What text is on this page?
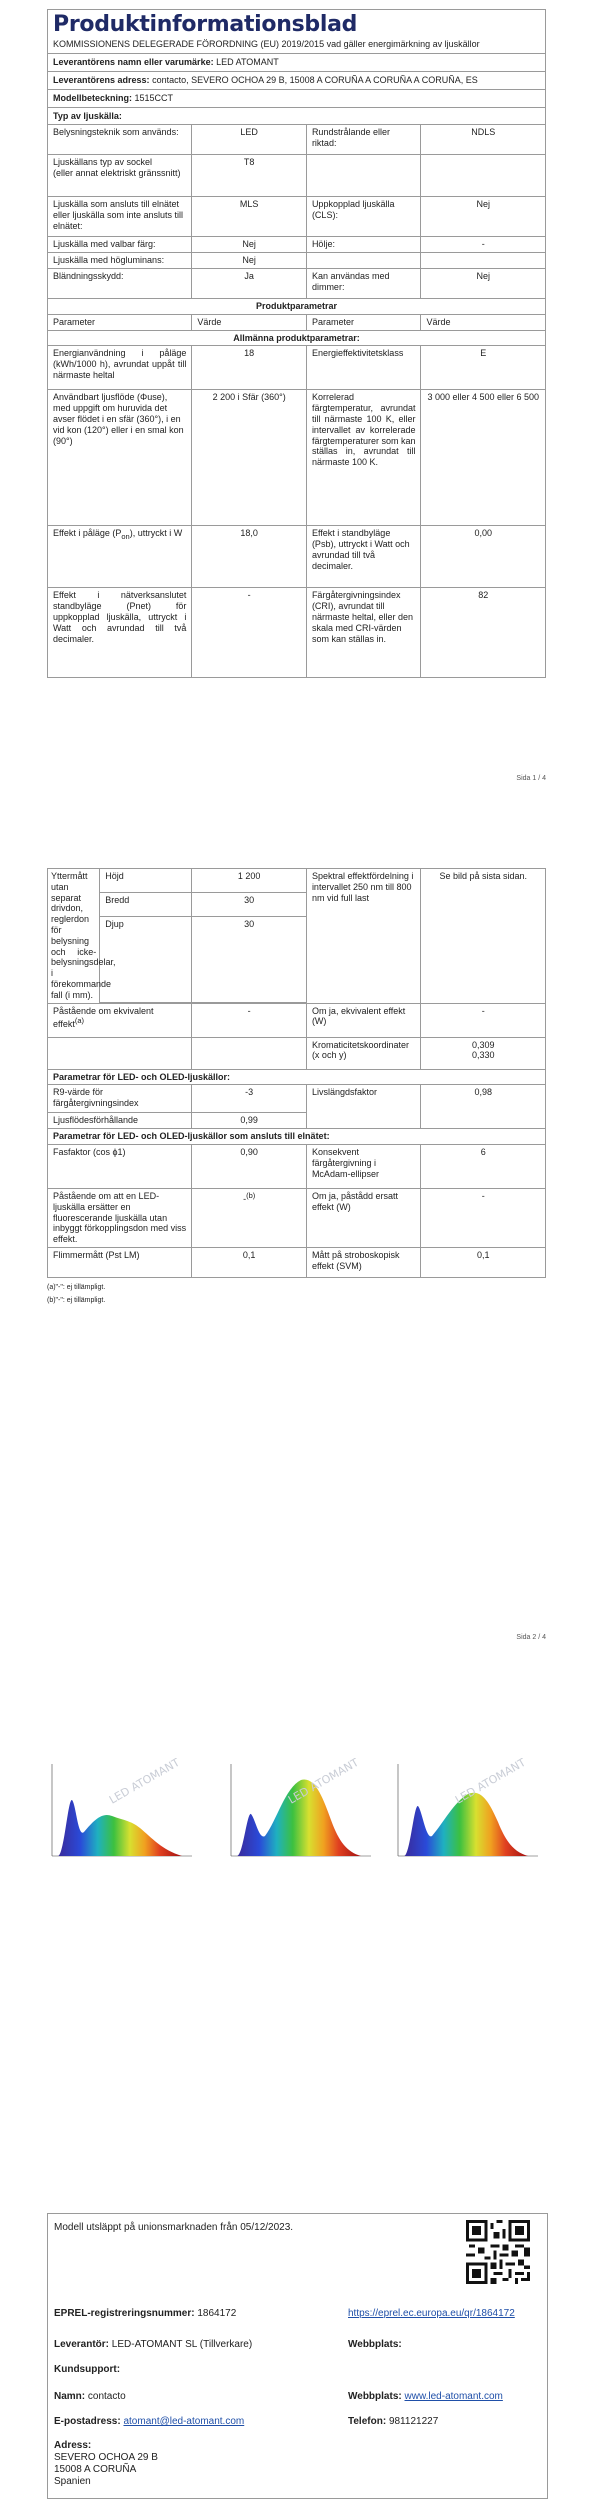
Produktinformationsblad
KOMMISSIONENS DELEGERADE FÖRORDNING (EU) 2019/2015 vad gäller energimärkning av ljuskällor
Leverantörens namn eller varumärke: LED ATOMANT
Leverantörens adress: contacto, SEVERO OCHOA 29 B, 15008 A CORUÑA A CORUÑA A CORUÑA, ES
Modellbeteckning: 1515CCT
Typ av ljuskälla:
Belysningsteknik som används:	LED	Rundstrålande eller riktad:	NDLS

Ljuskällans typ av sockel
(eller annat elektriskt gränssnitt)	T8		
Ljuskälla som ansluts till elnätet eller ljuskälla som inte ansluts till elnätet:	MLS	Uppkopplad ljuskälla (CLS):	Nej
Ljuskälla med valbar färg:	Nej	Hölje:	-
Ljuskälla med högluminans:	Nej		
Bländningsskydd:	Ja	Kan användas med dimmer:	Nej
Produktparametrar			
Parameter	Värde	Parameter	Värde
Allmänna produktparametrar:			
Energianvändning i påläge (kWh/1000 h), avrundat uppåt till närmaste heltal	18	Energieffektivitetsklass	E
Användbart ljusflöde (Φuse), med uppgift om huruvida det avser flödet i en sfär (360°), i en vid kon (120°) eller i en smal kon (90°)	2 200 i Sfär (360°)	Korrelerad färgtemperatur, avrundat till närmaste 100 K, eller intervallet av korrelerade färgtemperaturer som kan ställas in, avrundat till närmaste 100 K.	3 000 eller 4 500 eller 6 500
Effekt i påläge $(P_{on})$, uttryckt i W	18,0	Effekt i standbyläge (Psb), uttryckt i Watt och avrundad till två decimaler.	0,00
Effekt i nätverksanslutet standbyläge (Pnet) för uppkopplad ljuskälla, uttryckt i Watt och avrundad till två decimaler.	-	Färgåtergivningsindex (CRI), avrundat till närmaste heltal, eller den skala med CRI-värden som kan ställas in.	82
Sida 1 / 4
Yttermått utan separat drivdon, reglerdon för belysning och icke-belysningsdelar, i förekommande fall (i mm).	Höjd	1 200	Spektral effektfördelning i intervallet 250 nm till 800 nm vid full last	Se bild på sista sidan.
	Bredd	30		
	Djup	30		

Påstående om ekvivalent effekt$^{(a)}$		-	Om ja, ekvivalent effekt (W)	-
			Kromaticitetskoordinater (x och y)	0,309
0,330

Parametrar för LED- och OLED-ljuskällor:				
R9-värde för färgåtergivningsindex		-3	Livslängdsfaktor	0,98
Ljusflödesförhållande		0,99		
Parametrar för LED- och OLED-ljuskällor som ansluts till elnätet:				
Fasfaktor (cos ϕ1)		0,90	Konsekvent färgåtergivning i McAdam-ellipser	6
Påstående om att en LED-ljuskälla ersätter en fluorescerande ljuskälla utan inbyggt förkopplingsdon med viss effekt.		-$^{(b)}$	Om ja, påstådd ersatt effekt (W)	-
Flimmermått (Pst LM)		0,1	Mått på stroboskopisk effekt (SVM)	0,1
(a)"-": ej tillämpligt.
(b)"-": ej tillämpligt.
Sida 2 / 4
LED ATOMANT	LED ATOMANT	LED ATOMANT
Modell utsläppt på unionsmarknaden från 05/12/2023.
EPREL-registreringsnummer: 1864172	https://eprel.ec.europa.eu/qr/1864172
Leverantör: LED-ATOMANT SL (Tillverkare)	Webbplats:
Kundsupport:
Namn: contacto	Webbplats: www.led-atomant.com
E-postadress: atomant@led-atomant.com	Telefon: 981121227
Adress:
SEVERO OCHOA 29 B
15008 A CORUÑA
Spanien
